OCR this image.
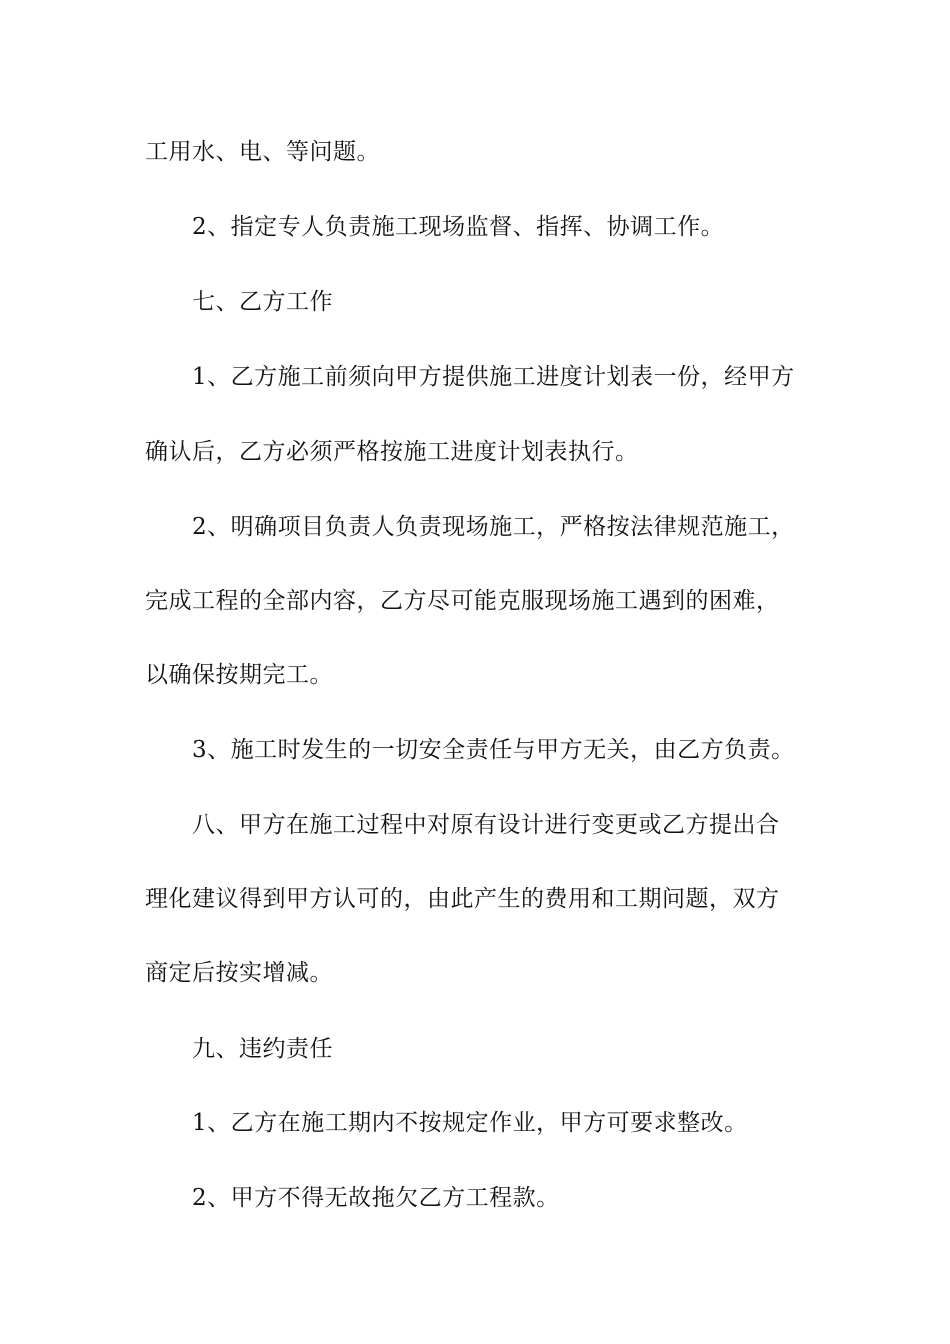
工用水、电、等问题。
2、指定专人负责施工现场监督、指挥、协调工作。
七、乙方工作
1、乙方施工前须向甲方提供施工进度计划表一份，经甲方
确认后，乙方必须严格按施工进度计划表执行。
2、明确项目负责人负责现场施工，严格按法律规范施工，
完成工程的全部内容，乙方尽可能克服现场施工遇到的困难，
以确保按期完工。
3、施工时发生的一切安全责任与甲方无关，由乙方负责。
八、甲方在施工过程中对原有设计进行变更或乙方提出合
理化建议得到甲方认可的，由此产生的费用和工期问题，双方
商定后按实增减。
九、违约责任
1、乙方在施工期内不按规定作业，甲方可要求整改。
2、甲方不得无故拖欠乙方工程款。
